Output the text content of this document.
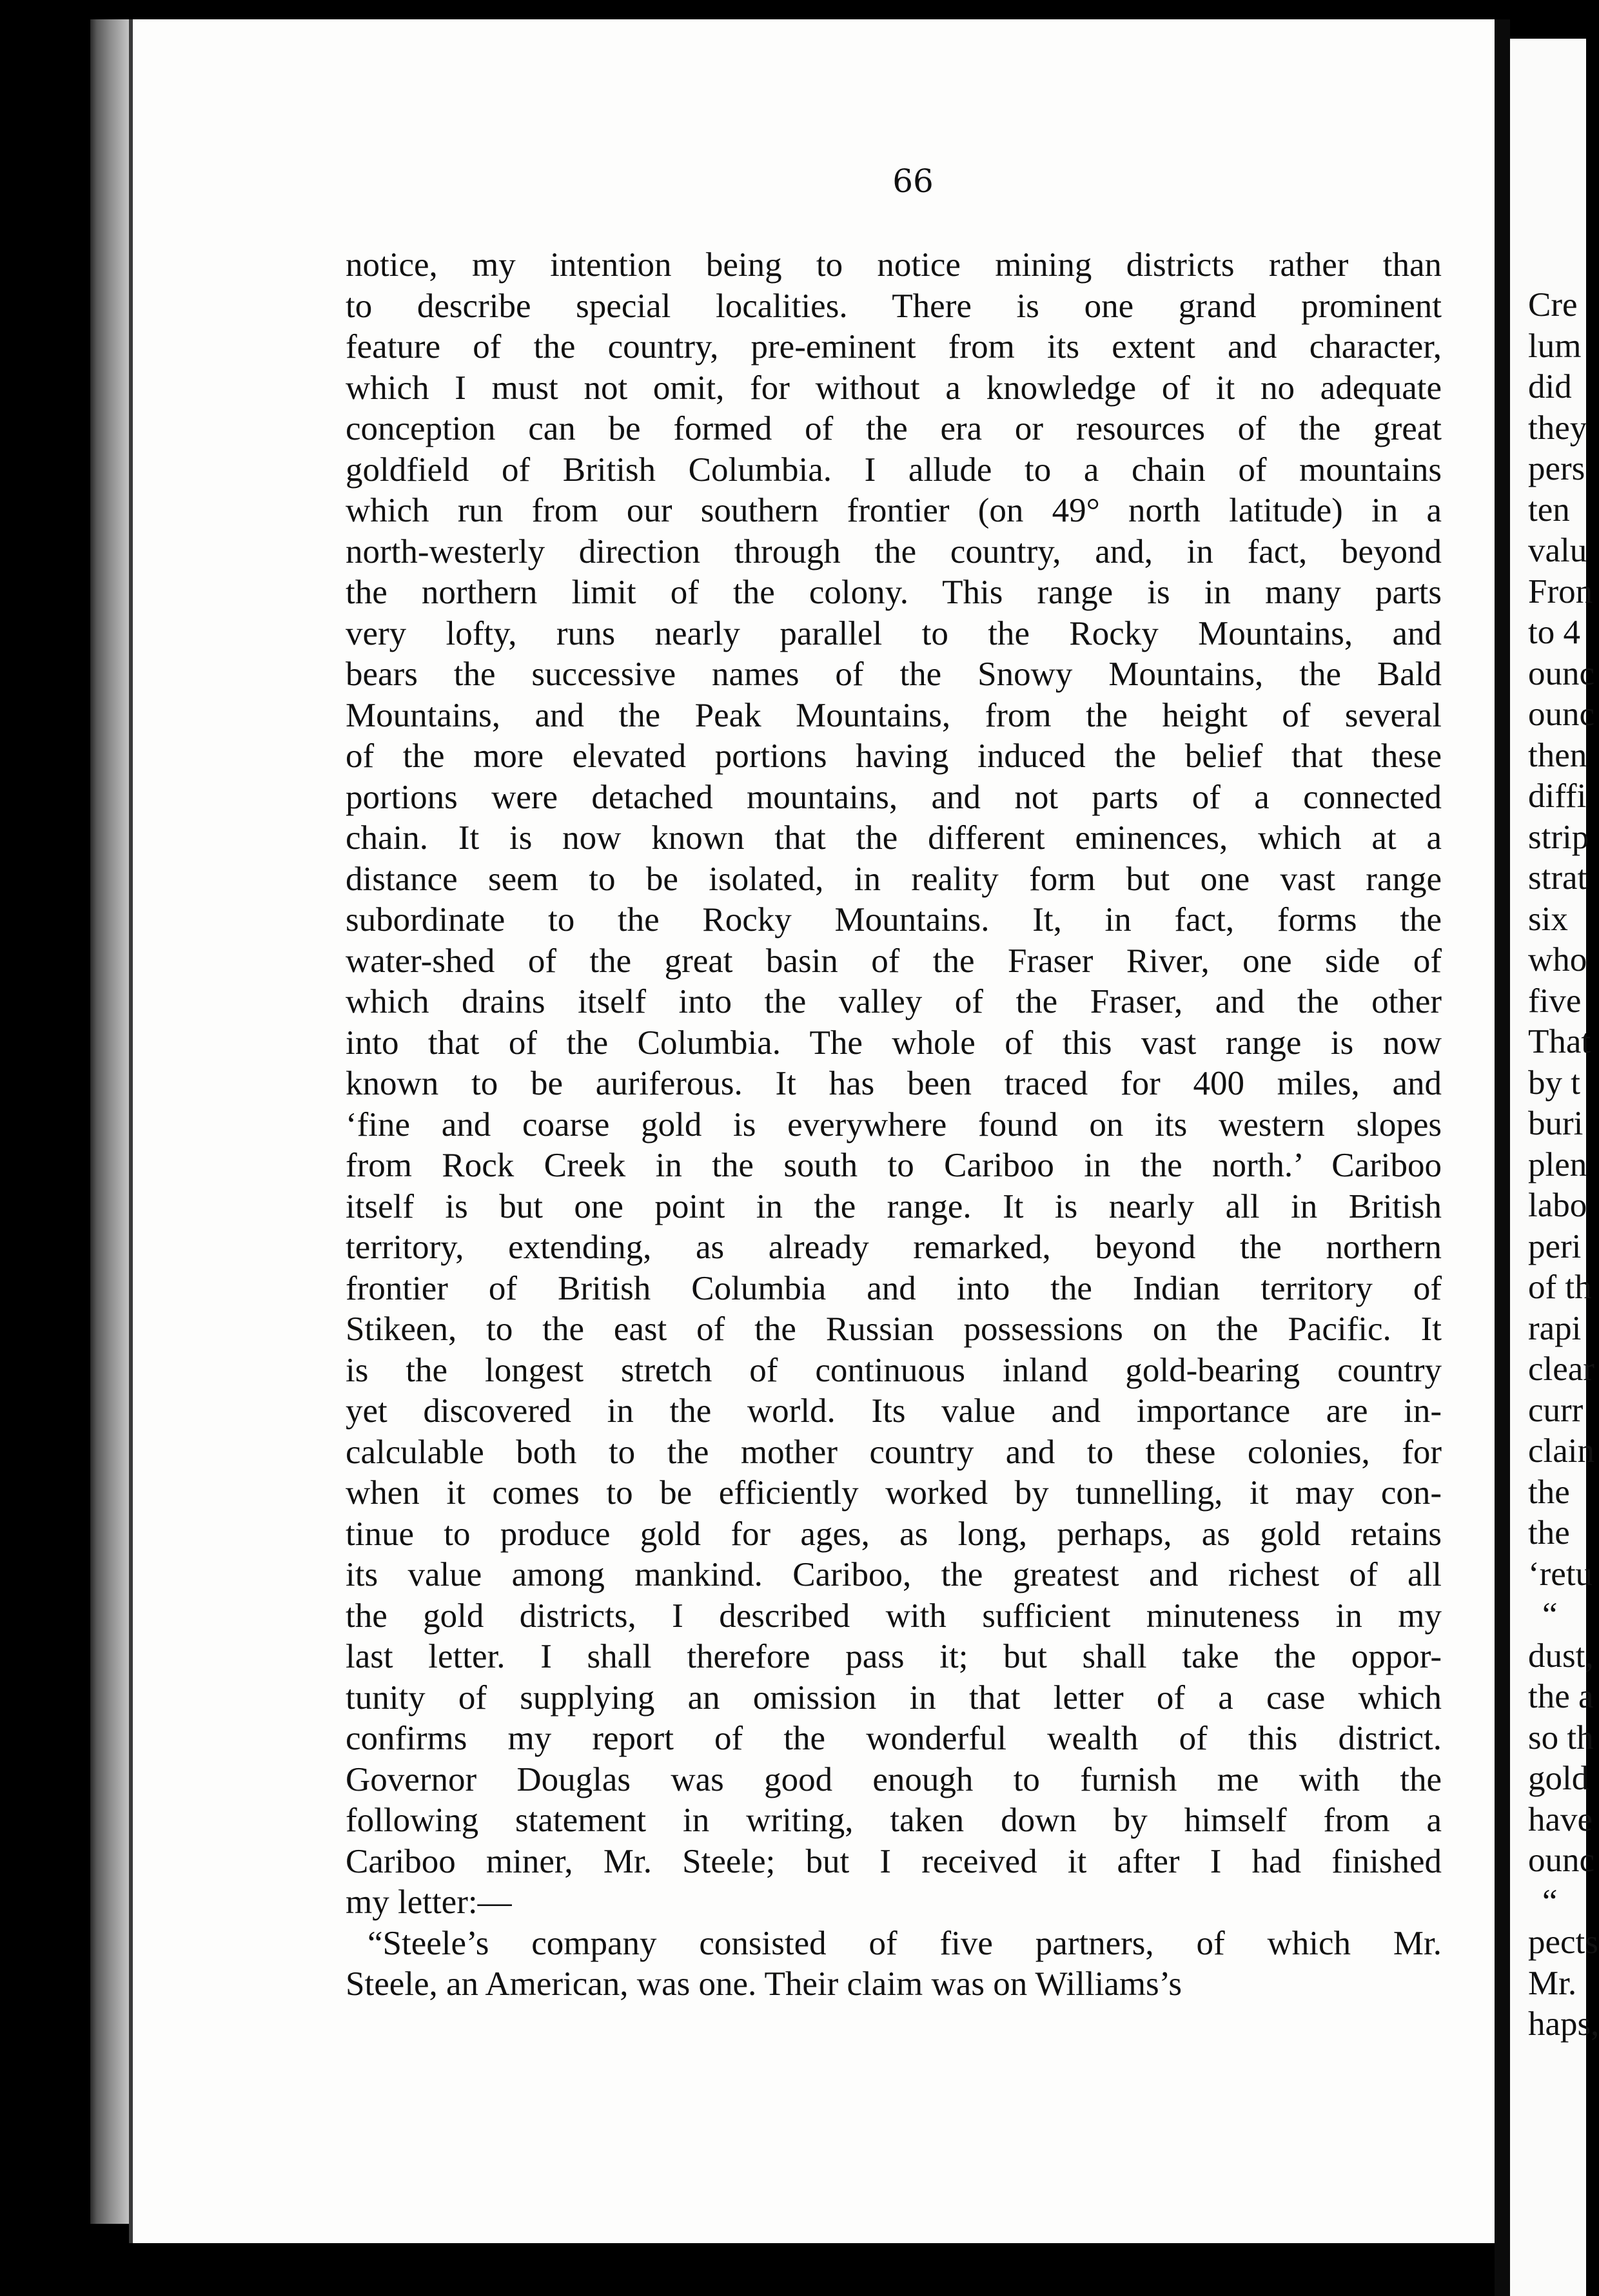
Cre
lum
did
they
pers
ten
valu
Fron
to 4
ounc
ounc
then
diffi
strip
strat
six
who
five
That
by t
buri
plen
labo
peri
of th
rapi
clear
curr
clain
the
the
‘retu
“
dust,
the a
so th
gold
have
ounc
“
pects
Mr.
haps,
66
notice, my intention being to notice mining districts rather than
to describe special localities. There is one grand prominent
feature of the country, pre-eminent from its extent and character,
which I must not omit, for without a knowledge of it no adequate
conception can be formed of the era or resources of the great
goldfield of British Columbia. I allude to a chain of mountains
which run from our southern frontier (on 49° north latitude) in a
north-westerly direction through the country, and, in fact, beyond
the northern limit of the colony. This range is in many parts
very lofty, runs nearly parallel to the Rocky Mountains, and
bears the successive names of the Snowy Mountains, the Bald
Mountains, and the Peak Mountains, from the height of several
of the more elevated portions having induced the belief that these
portions were detached mountains, and not parts of a connected
chain. It is now known that the different eminences, which at a
distance seem to be isolated, in reality form but one vast range
subordinate to the Rocky Mountains. It, in fact, forms the
water-shed of the great basin of the Fraser River, one side of
which drains itself into the valley of the Fraser, and the other
into that of the Columbia. The whole of this vast range is now
known to be auriferous. It has been traced for 400 miles, and
‘fine and coarse gold is everywhere found on its western slopes
from Rock Creek in the south to Cariboo in the north.’ Cariboo
itself is but one point in the range. It is nearly all in British
territory, extending, as already remarked, beyond the northern
frontier of British Columbia and into the Indian territory of
Stikeen, to the east of the Russian possessions on the Pacific. It
is the longest stretch of continuous inland gold-bearing country
yet discovered in the world. Its value and importance are in-
calculable both to the mother country and to these colonies, for
when it comes to be efficiently worked by tunnelling, it may con-
tinue to produce gold for ages, as long, perhaps, as gold retains
its value among mankind. Cariboo, the greatest and richest of all
the gold districts, I described with sufficient minuteness in my
last letter. I shall therefore pass it; but shall take the oppor-
tunity of supplying an omission in that letter of a case which
confirms my report of the wonderful wealth of this district.
Governor Douglas was good enough to furnish me with the
following statement in writing, taken down by himself from a
Cariboo miner, Mr. Steele; but I received it after I had finished
my letter:—
“Steele’s company consisted of five partners, of which Mr.
Steele, an American, was one. Their claim was on Williams’s
